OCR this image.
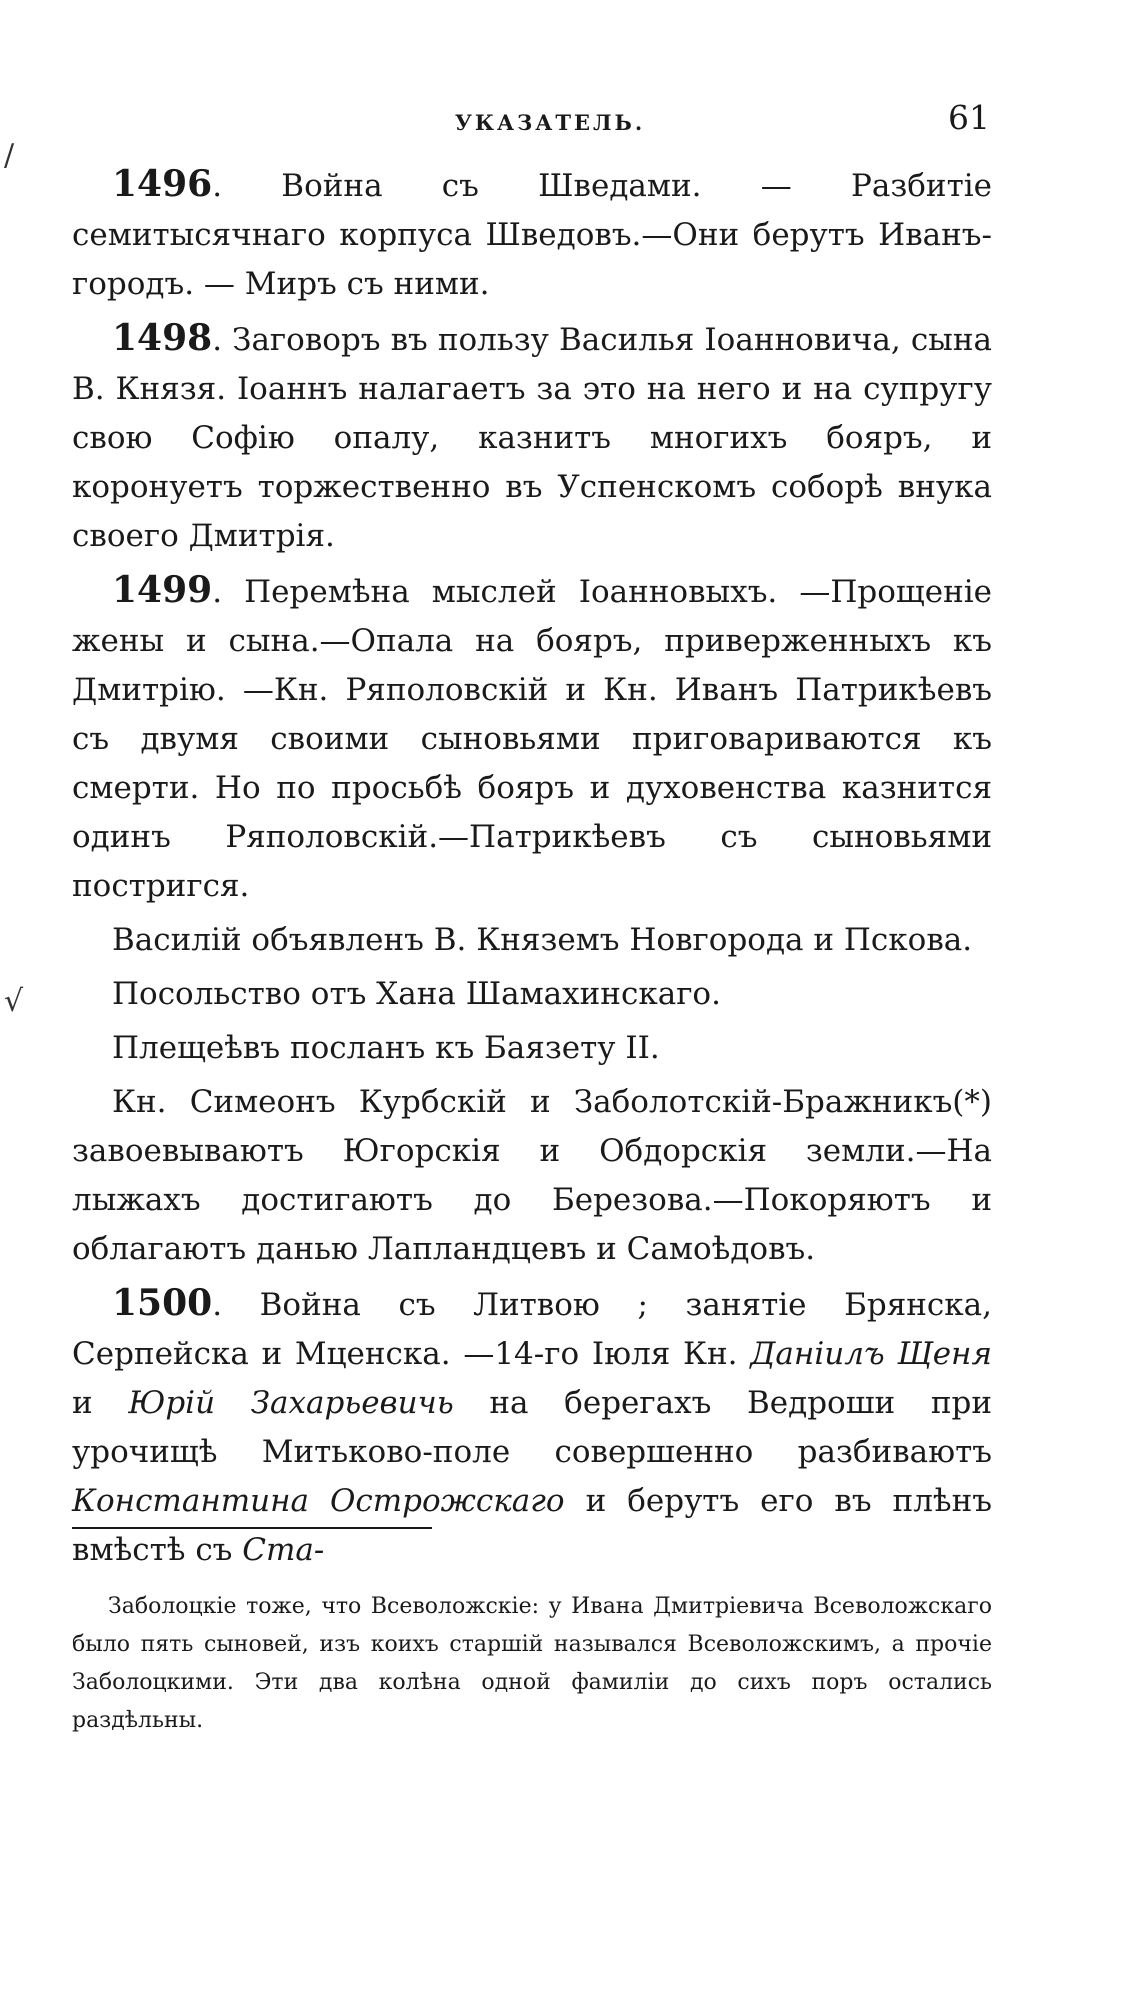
/
√
УКАЗАТЕЛЬ.	61

1496. Война съ Шведами. — Разбитіе семитысячнаго корпуса Шведовъ.—Они берутъ Иванъ-городъ. — Миръ съ ними.

1498. Заговоръ въ пользу Василья Іоанновича, сына В. Князя. Іоаннъ налагаетъ за это на него и на супругу свою Софію опалу, казнитъ многихъ бояръ, и коронуетъ торжественно въ Успенскомъ соборѣ внука своего Дмитрія.

1499. Перемѣна мыслей Іоанновыхъ. —Прощеніе жены и сына.—Опала на бояръ, приверженныхъ къ Дмитрію. —Кн. Ряполовскій и Кн. Иванъ Патрикѣевъ съ двумя своими сыновьями приговариваются къ смерти. Но по просьбѣ бояръ и духовенства казнится одинъ Ряполовскій.—Патрикѣевъ съ сыновьями постригся.

Василій объявленъ В. Княземъ Новгорода и Пскова.

Посольство отъ Хана Шамахинскаго.

Плещеѣвъ посланъ къ Баязету II.

Кн. Симеонъ Курбскій и Заболотскій-Бражникъ(*) завоевываютъ Югорскія и Обдорскія земли.—На лыжахъ достигаютъ до Березова.—Покоряютъ и облагаютъ данью Лапландцевъ и Самоѣдовъ.

1500. Война съ Литвою ; занятіе Брянска, Серпейска и Мценска. —14-го Іюля Кн. Даніилъ Щеня и Юрій Захарьевичь на берегахъ Ведроши при урочищѣ Митьково-поле совершенно разбиваютъ Константина Острожскаго и берутъ его въ плѣнъ вмѣстѣ съ Ста-

Заболоцкіе тоже, что Всеволожскіе: у Ивана Дмитріевича Всеволожскаго было пять сыновей, изъ коихъ старшій назывался Всеволожскимъ, а прочіе Заболоцкими. Эти два колѣна одной фамиліи до сихъ поръ остались раздѣльны.
